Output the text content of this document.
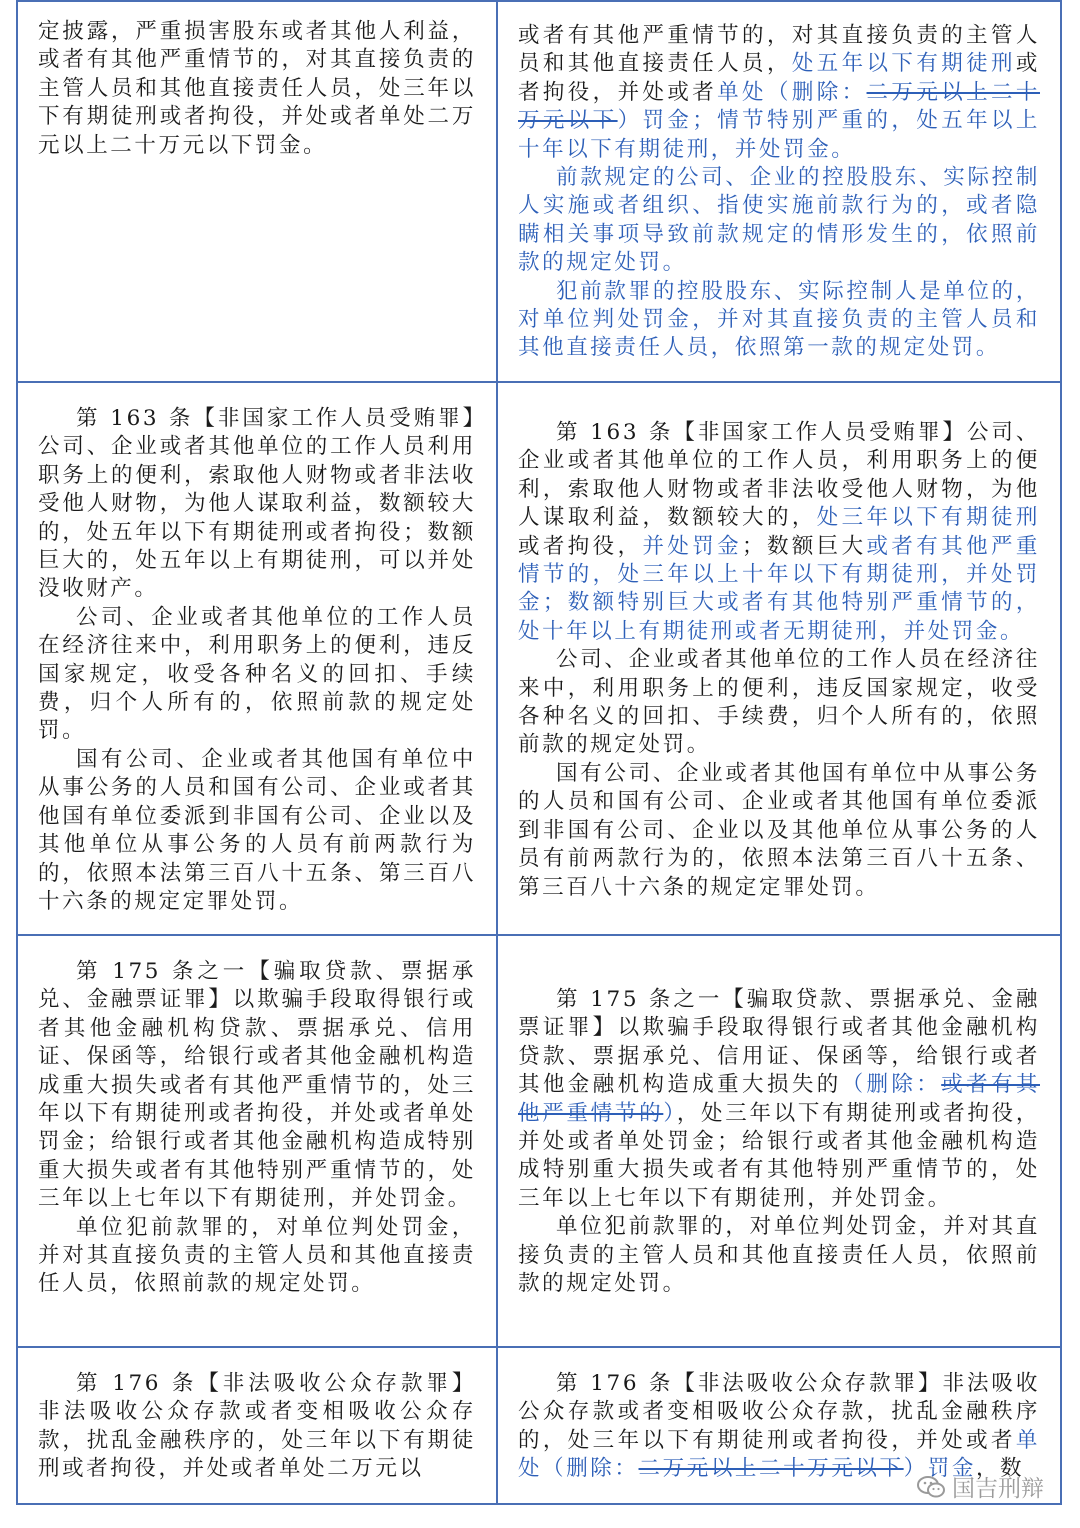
定披露，严重损害股东或者其他人利益，或者有其他严重情节的，对其直接负责的主管人员和其他直接责任人员，处三年以下有期徒刑或者拘役，并处或者单处二万元以上二十万元以下罚金。

或者有其他严重情节的，对其直接负责的主管人员和其他直接责任人员，处五年以下有期徒刑或者拘役，并处或者单处（删除：二万元以上二十万元以下）罚金；情节特别严重的，处五年以上十年以下有期徒刑，并处罚金。

前款规定的公司、企业的控股股东、实际控制人实施或者组织、指使实施前款行为的，或者隐瞒相关事项导致前款规定的情形发生的，依照前款的规定处罚。

犯前款罪的控股股东、实际控制人是单位的，对单位判处罚金，并对其直接负责的主管人员和其他直接责任人员，依照第一款的规定处罚。

第 163 条【非国家工作人员受贿罪】公司、企业或者其他单位的工作人员利用职务上的便利，索取他人财物或者非法收受他人财物，为他人谋取利益，数额较大的，处五年以下有期徒刑或者拘役；数额巨大的，处五年以上有期徒刑，可以并处没收财产。

公司、企业或者其他单位的工作人员在经济往来中，利用职务上的便利，违反国家规定，收受各种名义的回扣、手续费，归个人所有的，依照前款的规定处罚。

国有公司、企业或者其他国有单位中从事公务的人员和国有公司、企业或者其他国有单位委派到非国有公司、企业以及其他单位从事公务的人员有前两款行为的，依照本法第三百八十五条、第三百八十六条的规定定罪处罚。

第 163 条【非国家工作人员受贿罪】公司、企业或者其他单位的工作人员，利用职务上的便利，索取他人财物或者非法收受他人财物，为他人谋取利益，数额较大的，处三年以下有期徒刑或者拘役，并处罚金；数额巨大或者有其他严重情节的，处三年以上十年以下有期徒刑，并处罚金；数额特别巨大或者有其他特别严重情节的，处十年以上有期徒刑或者无期徒刑，并处罚金。

公司、企业或者其他单位的工作人员在经济往来中，利用职务上的便利，违反国家规定，收受各种名义的回扣、手续费，归个人所有的，依照前款的规定处罚。

国有公司、企业或者其他国有单位中从事公务的人员和国有公司、企业或者其他国有单位委派到非国有公司、企业以及其他单位从事公务的人员有前两款行为的，依照本法第三百八十五条、第三百八十六条的规定定罪处罚。

第 175 条之一【骗取贷款、票据承兑、金融票证罪】以欺骗手段取得银行或者其他金融机构贷款、票据承兑、信用证、保函等，给银行或者其他金融机构造成重大损失或者有其他严重情节的，处三年以下有期徒刑或者拘役，并处或者单处罚金；给银行或者其他金融机构造成特别重大损失或者有其他特别严重情节的，处三年以上七年以下有期徒刑，并处罚金。

单位犯前款罪的，对单位判处罚金，并对其直接负责的主管人员和其他直接责任人员，依照前款的规定处罚。

第 175 条之一【骗取贷款、票据承兑、金融票证罪】以欺骗手段取得银行或者其他金融机构贷款、票据承兑、信用证、保函等，给银行或者其他金融机构造成重大损失的（删除：或者有其他严重情节的），处三年以下有期徒刑或者拘役，并处或者单处罚金；给银行或者其他金融机构造成特别重大损失或者有其他特别严重情节的，处三年以上七年以下有期徒刑，并处罚金。

单位犯前款罪的，对单位判处罚金，并对其直接负责的主管人员和其他直接责任人员，依照前款的规定处罚。

第 176 条【非法吸收公众存款罪】非法吸收公众存款或者变相吸收公众存款，扰乱金融秩序的，处三年以下有期徒刑或者拘役，并处或者单处二万元以

第 176 条【非法吸收公众存款罪】非法吸收公众存款或者变相吸收公众存款，扰乱金融秩序的，处三年以下有期徒刑或者拘役，并处或者单处（删除：二万元以上二十万元以下）罚金，数

国吉刑辩
